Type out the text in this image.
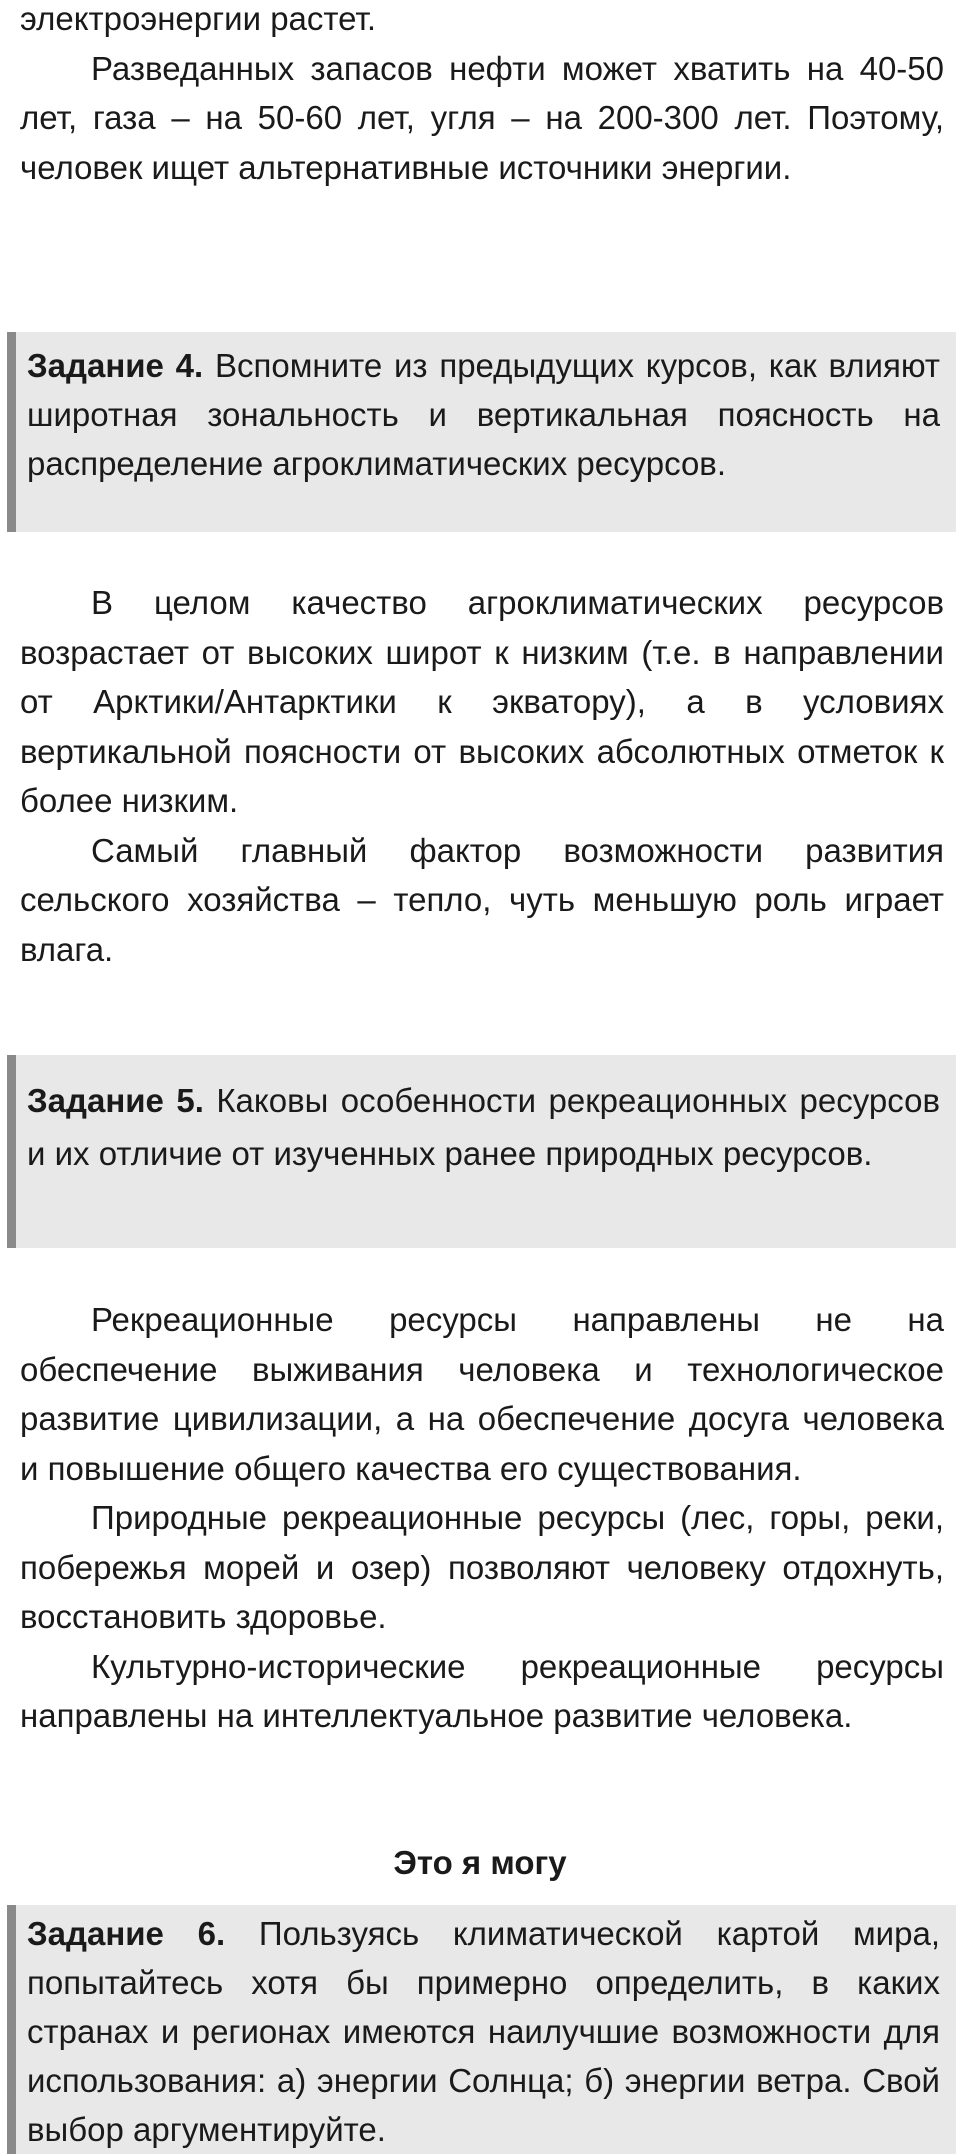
электроэнергии растет.

Разведанных запасов нефти может хватить на 40-50 лет, газа – на 50-60 лет, угля – на 200-300 лет. Поэтому, человек ищет альтернативные источники энергии.

Задание 4. Вспомните из предыдущих курсов, как влияют широтная зональность и вертикальная поясность на распределение агроклиматических ресурсов.

В целом качество агроклиматических ресурсов возрастает от высоких широт к низким (т.е. в направлении от Арктики/Антарктики к экватору), а в условиях вертикальной поясности от высоких абсолютных отметок к более низким.

Самый главный фактор возможности развития сельского хозяйства – тепло, чуть меньшую роль играет влага.

Задание 5. Каковы особенности рекреационных ресурсов и их отличие от изученных ранее природных ресурсов.

Рекреационные ресурсы направлены не на обеспечение выживания человека и технологическое развитие цивилизации, а на обеспечение досуга человека и повышение общего качества его существования.

Природные рекреационные ресурсы (лес, горы, реки, побережья морей и озер) позволяют человеку отдохнуть, восстановить здоровье.

Культурно-исторические рекреационные ресурсы направлены на интеллектуальное развитие человека.

Это я могу

Задание 6. Пользуясь климатической картой мира, попытайтесь хотя бы примерно определить, в каких странах и регионах имеются наилучшие возможности для использования: а) энергии Солнца; б) энергии ветра. Свой выбор аргументируйте.
